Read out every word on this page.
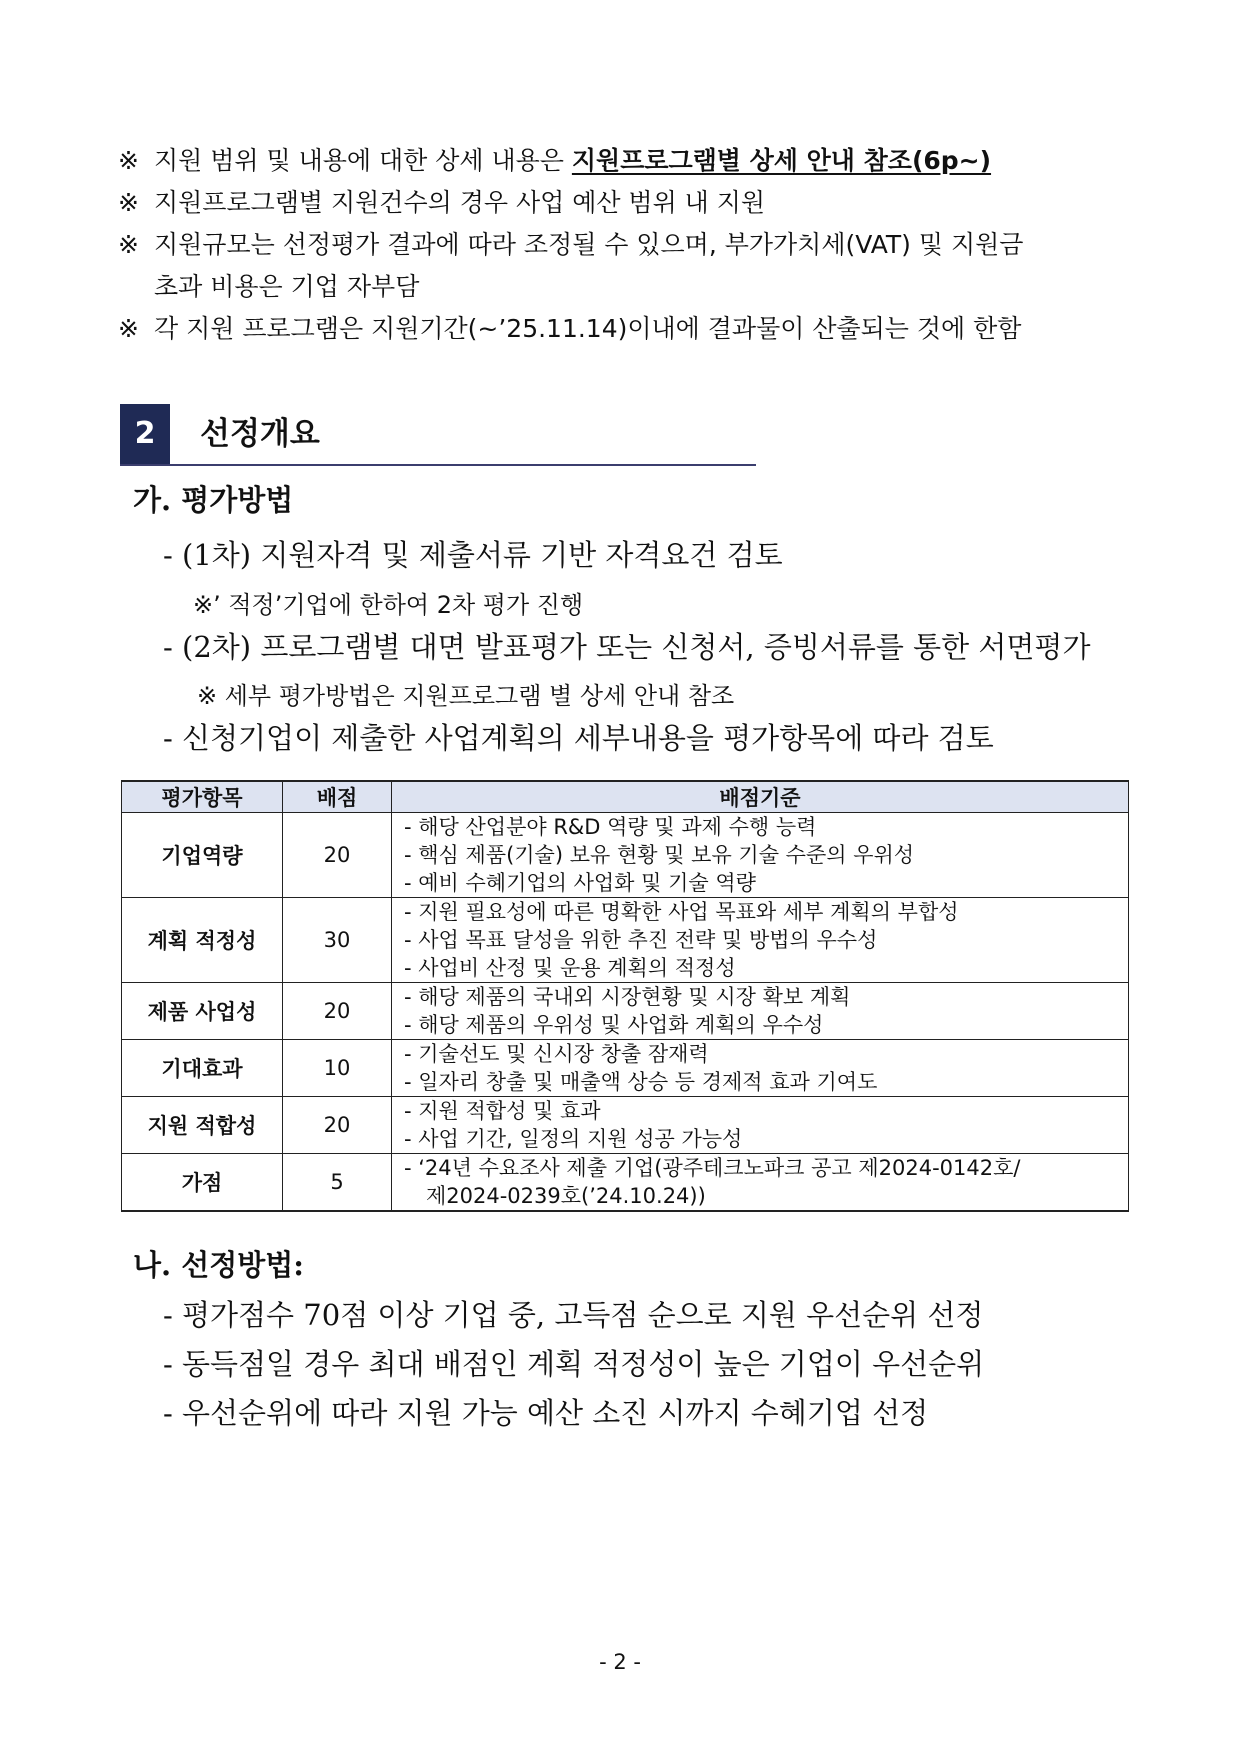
※ 지원 범위 및 내용에 대한 상세 내용은 지원프로그램별 상세 안내 참조(6p~)
※ 지원프로그램별 지원건수의 경우 사업 예산 범위 내 지원
※ 지원규모는 선정평가 결과에 따라 조정될 수 있으며, 부가가치세(VAT) 및 지원금
초과 비용은 기업 자부담
※ 각 지원 프로그램은 지원기간(~’25.11.14)이내에 결과물이 산출되는 것에 한함
2	선정개요
가. 평가방법
- (1차) 지원자격 및 제출서류 기반 자격요건 검토
※’ 적정’기업에 한하여 2차 평가 진행
- (2차) 프로그램별 대면 발표평가 또는 신청서, 증빙서류를 통한 서면평가
※ 세부 평가방법은 지원프로그램 별 상세 안내 참조
- 신청기업이 제출한 사업계획의 세부내용을 평가항목에 따라 검토
평가항목	배점	배점기준
기업역량	20	- 해당 산업분야 R&D 역량 및 과제 수행 능력
- 핵심 제품(기술) 보유 현황 및 보유 기술 수준의 우위성
- 예비 수혜기업의 사업화 및 기술 역량

계획 적정성	30	- 지원 필요성에 따른 명확한 사업 목표와 세부 계획의 부합성
- 사업 목표 달성을 위한 추진 전략 및 방법의 우수성
- 사업비 산정 및 운용 계획의 적정성

제품 사업성	20	- 해당 제품의 국내외 시장현황 및 시장 확보 계획
- 해당 제품의 우위성 및 사업화 계획의 우수성

기대효과	10	- 기술선도 및 신시장 창출 잠재력
- 일자리 창출 및 매출액 상승 등 경제적 효과 기여도

지원 적합성	20	- 지원 적합성 및 효과
- 사업 기간, 일정의 지원 성공 가능성

가점	5	- ‘24년 수요조사 제출 기업(광주테크노파크 공고 제2024-0142호/
제2024-0239호(’24.10.24))
나. 선정방법:
- 평가점수 70점 이상 기업 중, 고득점 순으로 지원 우선순위 선정
- 동득점일 경우 최대 배점인 계획 적정성이 높은 기업이 우선순위
- 우선순위에 따라 지원 가능 예산 소진 시까지 수혜기업 선정
- 2 -
